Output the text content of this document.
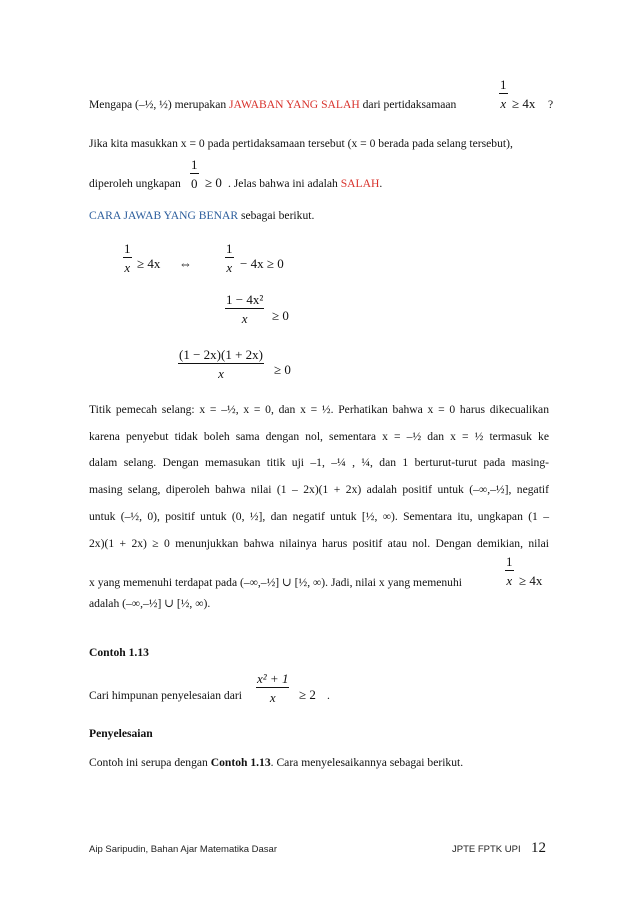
Mengapa (–½, ½) merupakan JAWABAN YANG SALAH dari pertidaksamaan	$\frac{1}{x} \ge 4x$ ?
Jika kita masukkan x = 0 pada pertidaksamaan tersebut (x = 0 berada pada selang tersebut),
diperoleh ungkapan $\frac{1}{0} \ge 0$ . Jelas bahwa ini adalah SALAH.
CARA JAWAB YANG BENAR sebagai berikut.
$\frac{1}{x} \ge 4x$ ⇔	$\frac{1}{x} - 4x \ge 0$
$\frac{\text{1 − 4x²}}{x} \ge 0$
$\frac{(1 - 2x)(1 + 2x)}{x} \ge 0$
Titik pemecah selang: x = –½, x = 0, dan x = ½. Perhatikan bahwa x = 0 harus dikecualikan
karena penyebut tidak boleh sama dengan nol, sementara x = –½ dan x = ½ termasuk ke
dalam selang. Dengan memasukan titik uji –1, –¼ , ¼, dan 1 berturut-turut pada masing-
masing selang, diperoleh bahwa nilai (1 – 2x)(1 + 2x) adalah positif untuk (–∞,–½], negatif
untuk (–½, 0), positif untuk (0, ½], dan negatif untuk [½, ∞). Sementara itu, ungkapan (1 –
2x)(1 + 2x) ≥ 0 menunjukkan bahwa nilainya harus positif atau nol. Dengan demikian, nilai
x yang memenuhi terdapat pada (–∞,–½] ∪ [½, ∞). Jadi, nilai x yang memenuhi	$\frac{1}{x} \ge 4x$
adalah (–∞,–½] ∪ [½, ∞).
Contoh 1.13
Cari himpunan penyelesaian dari $\frac{\text{x² + 1}}{x} \ge 2$ .
Penyelesaian
Contoh ini serupa dengan Contoh 1.13. Cara menyelesaikannya sebagai berikut.
Aip Saripudin, Bahan Ajar Matematika Dasar	JPTE FPTK UPI 12
